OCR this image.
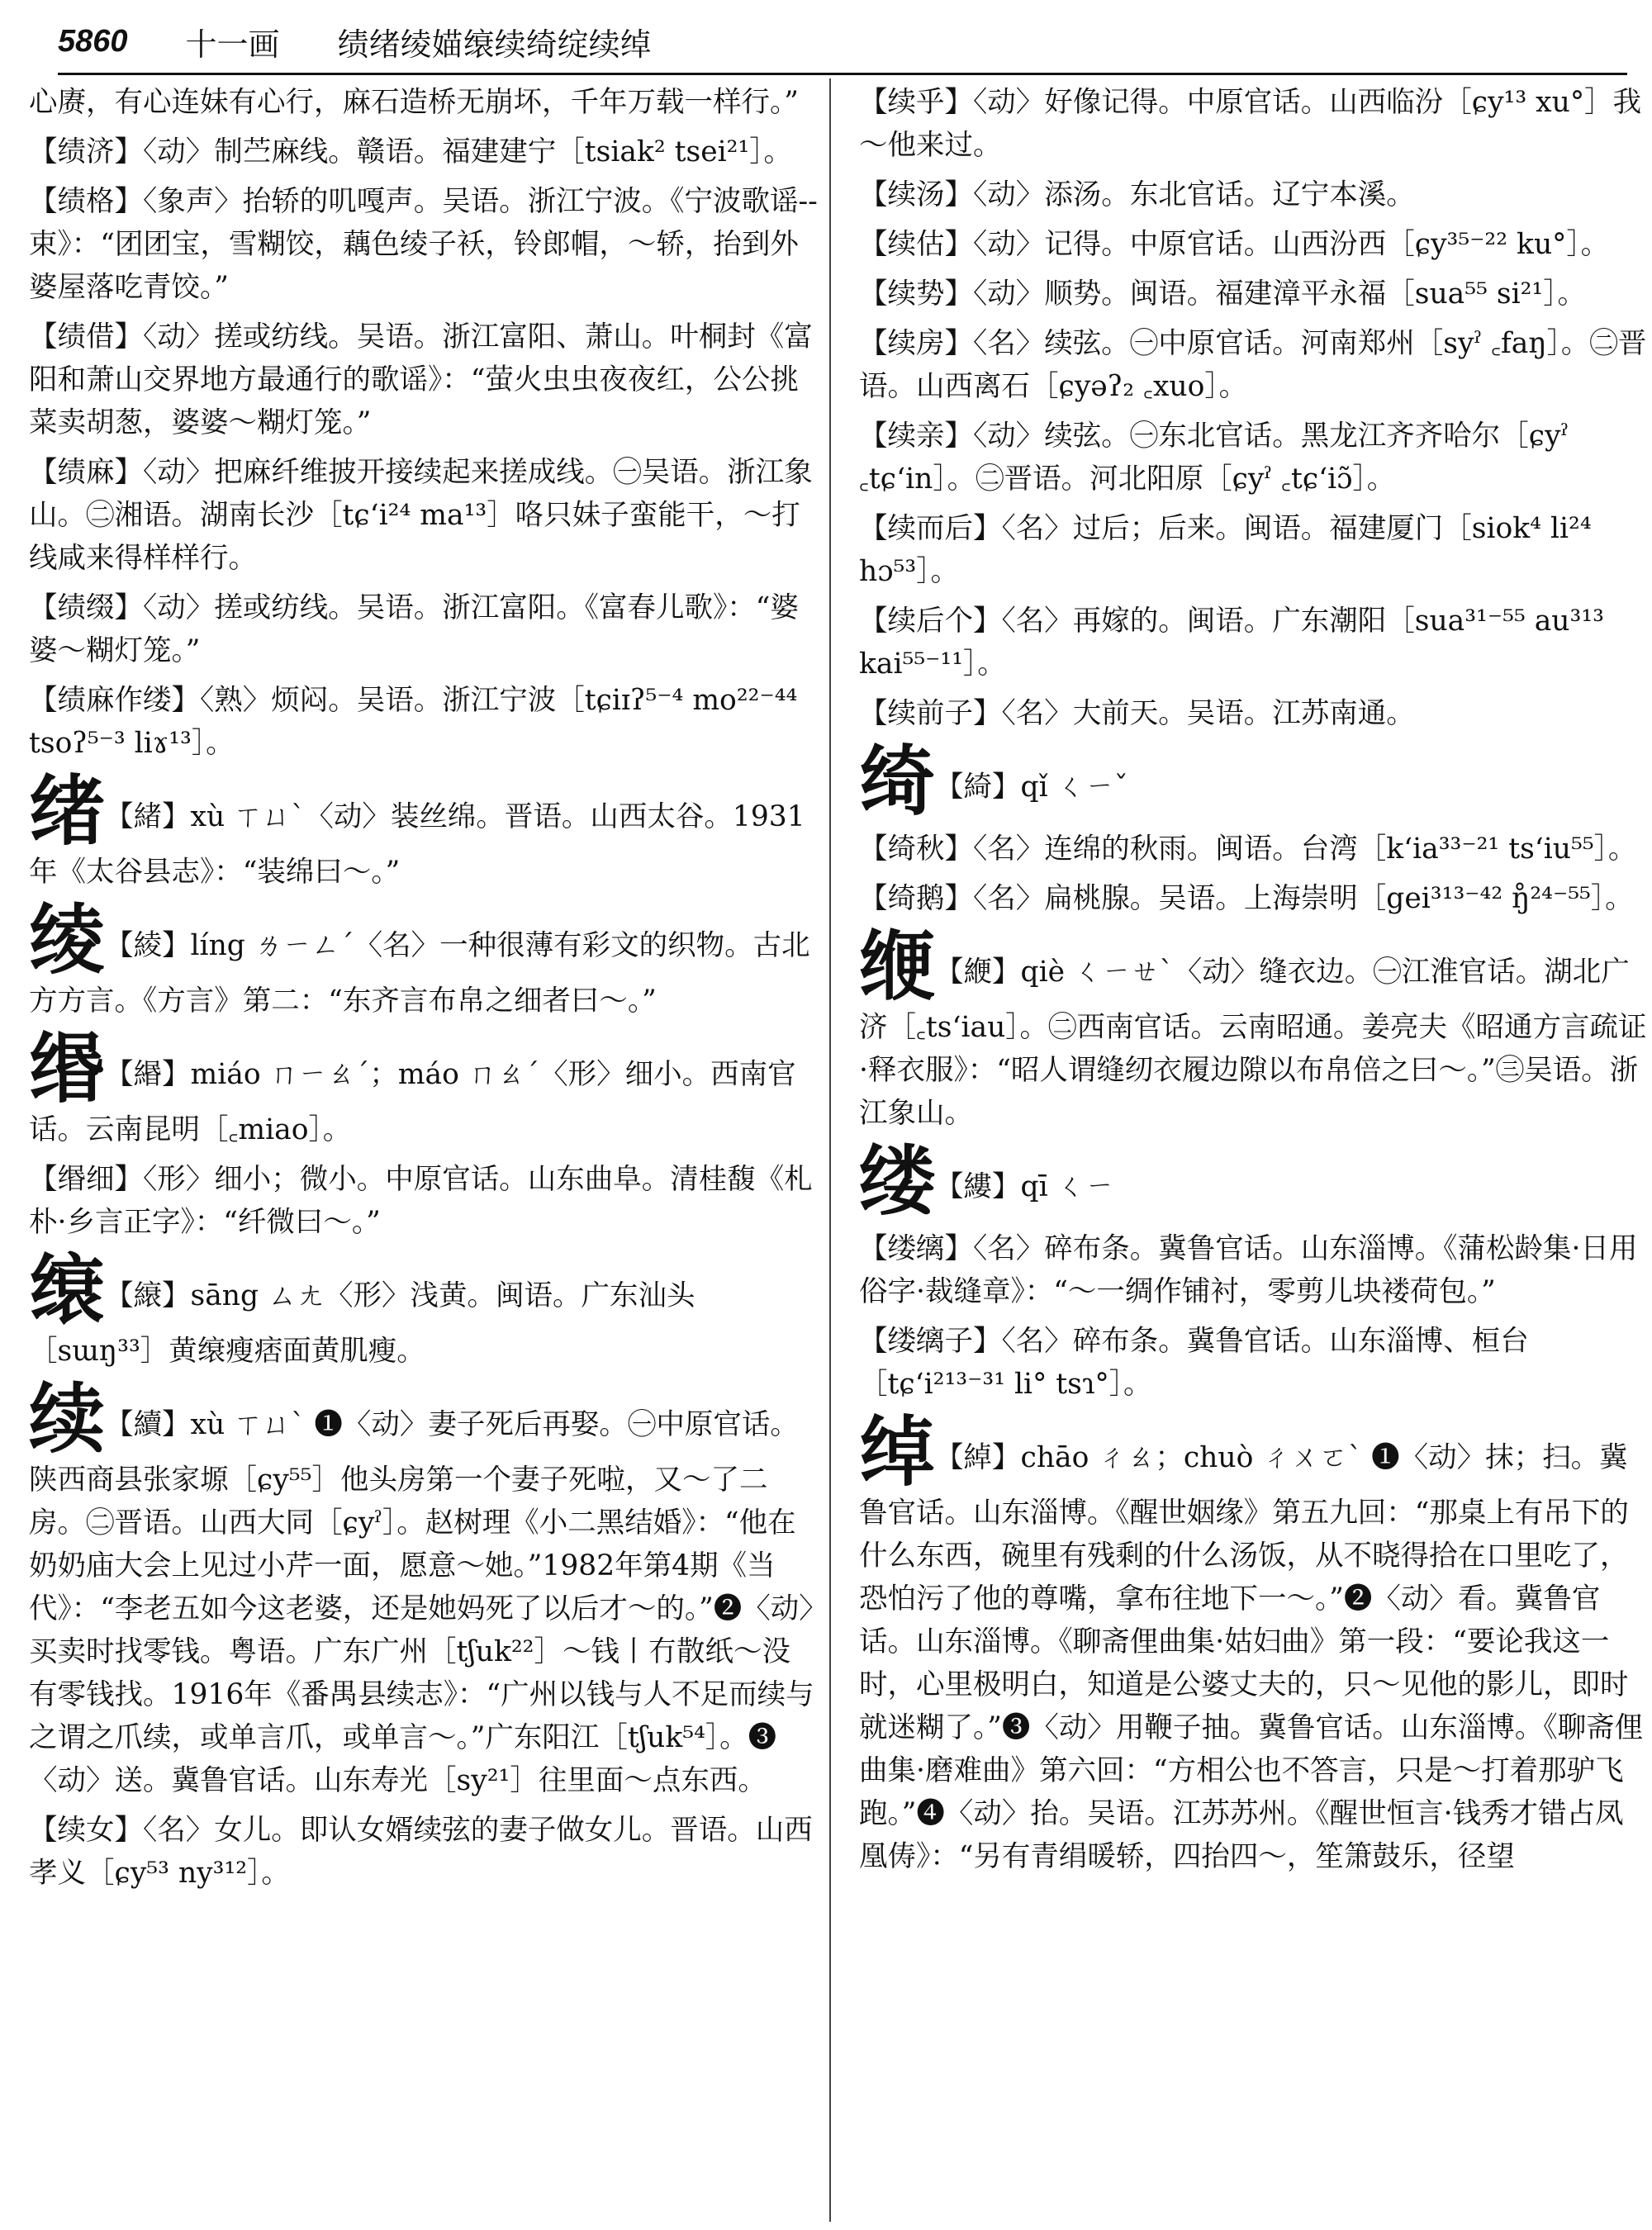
5860 十一画 绩绪绫媌缞续绮绽续绰

心赓，有心连妹有心行，麻石造桥无崩坏，千年万载一样行。”

【绩济】〈动〉制苎麻线。赣语。福建建宁［tsiak² tsei²¹］。

【绩格】〈象声〉抬轿的叽嘎声。吴语。浙江宁波。《宁波歌谣--束》：“团团宝，雪糊饺，藕色绫子袄，铃郎帽，～轿，抬到外婆屋落吃青饺。”

【绩借】〈动〉搓或纺线。吴语。浙江富阳、萧山。叶桐封《富阳和萧山交界地方最通行的歌谣》：“萤火虫虫夜夜红，公公挑菜卖胡葱，婆婆～糊灯笼。”

【绩麻】〈动〉把麻纤维披开接续起来搓成线。㊀吴语。浙江象山。㊁湘语。湖南长沙［tɕʻi²⁴ ma¹³］咯只妹子蛮能干，～打线咸来得样样行。

【绩缀】〈动〉搓或纺线。吴语。浙江富阳。《富春儿歌》：“婆婆～糊灯笼。”

【绩麻作缕】〈熟〉烦闷。吴语。浙江宁波［tɕiɪʔ⁵⁻⁴ mo²²⁻⁴⁴ tsoʔ⁵⁻³ liɤ¹³］。

绪【緒】xù ㄒㄩˋ〈动〉装丝绵。晋语。山西太谷。1931年《太谷县志》：“装绵曰～。”

绫【綾】líng ㄌㄧㄥˊ〈名〉一种很薄有彩文的织物。古北方方言。《方言》第二：“东齐言布帛之细者曰～。”

缗【緡】miáo ㄇㄧㄠˊ；máo ㄇㄠˊ〈形〉细小。西南官话。云南昆明［꜀miao］。

【缗细】〈形〉细小；微小。中原官话。山东曲阜。清桂馥《札朴·乡言正字》：“纤微曰～。”

缞【縗】sāng ㄙㄤ〈形〉浅黄。闽语。广东汕头［sɯŋ³³］黄缞瘦痞面黄肌瘦。

续【續】xù ㄒㄩˋ ❶〈动〉妻子死后再娶。㊀中原官话。陕西商县张家塬［ɕy⁵⁵］他头房第一个妻子死啦，又～了二房。㊁晋语。山西大同［ɕyˀ］。赵树理《小二黑结婚》：“他在奶奶庙大会上见过小芹一面，愿意～她。”1982年第4期《当代》：“李老五如今这老婆，还是她妈死了以后才～的。”❷〈动〉买卖时找零钱。粤语。广东广州［tʃuk²²］～钱丨冇散纸～没有零钱找。1916年《番禺县续志》：“广州以钱与人不足而续与之谓之爪续，或单言爪，或单言～。”广东阳江［tʃuk⁵⁴］。❸〈动〉送。冀鲁官话。山东寿光［sy²¹］往里面～点东西。

【续女】〈名〉女儿。即认女婿续弦的妻子做女儿。晋语。山西孝义［ɕy⁵³ ny³¹²］。

【续乎】〈动〉好像记得。中原官话。山西临汾［ɕy¹³ xu°］我～他来过。

【续汤】〈动〉添汤。东北官话。辽宁本溪。

【续估】〈动〉记得。中原官话。山西汾西［ɕy³⁵⁻²² ku°］。

【续势】〈动〉顺势。闽语。福建漳平永福［sua⁵⁵ si²¹］。

【续房】〈名〉续弦。㊀中原官话。河南郑州［syˀ ꜀faŋ］。㊁晋语。山西离石［ɕyəʔ₂ ꜀xuo］。

【续亲】〈动〉续弦。㊀东北官话。黑龙江齐齐哈尔［ɕyˀ ꜀tɕʻin］。㊁晋语。河北阳原［ɕyˀ ꜀tɕʻiɔ̃］。

【续而后】〈名〉过后；后来。闽语。福建厦门［siok⁴ li²⁴ hɔ⁵³］。

【续后个】〈名〉再嫁的。闽语。广东潮阳［sua³¹⁻⁵⁵ au³¹³ kai⁵⁵⁻¹¹］。

【续前子】〈名〉大前天。吴语。江苏南通。

绮【綺】qǐ ㄑㄧˇ

【绮秋】〈名〉连绵的秋雨。闽语。台湾［kʻia³³⁻²¹ tsʻiu⁵⁵］。

【绮鹅】〈名〉扁桃腺。吴语。上海崇明［gei³¹³⁻⁴² ŋ̊²⁴⁻⁵⁵］。

缏【緶】qiè ㄑㄧㄝˋ〈动〉缝衣边。㊀江淮官话。湖北广济［꜀tsʻiau］。㊁西南官话。云南昭通。姜亮夫《昭通方言疏证·释衣服》：“昭人谓缝纫衣履边隙以布帛倍之曰～。”㊂吴语。浙江象山。

缕【縷】qī ㄑㄧ

【缕缡】〈名〉碎布条。冀鲁官话。山东淄博。《蒲松龄集·日用俗字·裁缝章》：“～一绸作铺衬，零剪儿块褛荷包。”

【缕缡子】〈名〉碎布条。冀鲁官话。山东淄博、桓台［tɕʻi²¹³⁻³¹ li° tsɿ°］。

绰【綽】chāo ㄔㄠ；chuò ㄔㄨㄛˋ ❶〈动〉抹；扫。冀鲁官话。山东淄博。《醒世姻缘》第五九回：“那桌上有吊下的什么东西，碗里有残剩的什么汤饭，从不晓得拾在口里吃了，恐怕污了他的尊嘴，拿布往地下一～。”❷〈动〉看。冀鲁官话。山东淄博。《聊斋俚曲集·姑妇曲》第一段：“要论我这一时，心里极明白，知道是公婆丈夫的，只～见他的影儿，即时就迷糊了。”❸〈动〉用鞭子抽。冀鲁官话。山东淄博。《聊斋俚曲集·磨难曲》第六回：“方相公也不答言，只是～打着那驴飞跑。”❹〈动〉抬。吴语。江苏苏州。《醒世恒言·钱秀才错占凤凰俦》：“另有青绢暖轿，四抬四～，笙箫鼓乐，径望
